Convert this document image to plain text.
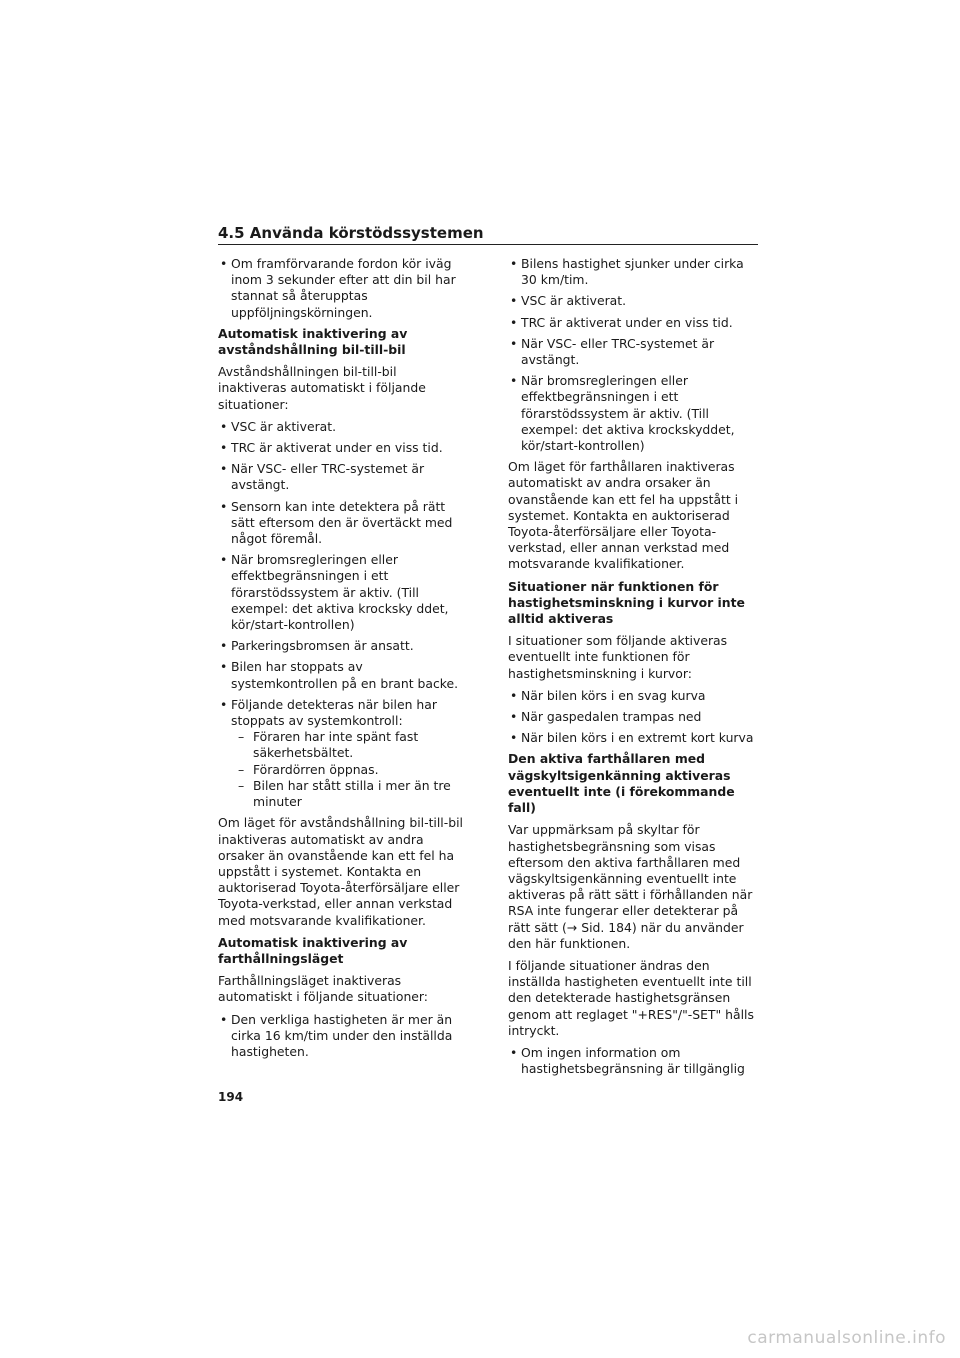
4.5 Använda körstödssystemen
• Om framförvarande fordon kör iväg inom 3 sekunder efter att din bil har stannat så återupptas uppföljningskörningen.

Automatisk inaktivering av avståndshållning bil-till-bil

Avståndshållningen bil-till-bil inaktiveras automatiskt i följande situationer:

• VSC är aktiverat.
• TRC är aktiverat under en viss tid.
• När VSC- eller TRC-systemet är avstängt.
• Sensorn kan inte detektera på rätt sätt eftersom den är övertäckt med något föremål.
• När bromsregleringen eller effektbegränsningen i ett förarstödssystem är aktiv. (Till exempel: det aktiva krocksky ddet, kör/start-kontrollen)
• Parkeringsbromsen är ansatt.
• Bilen har stoppats av systemkontrollen på en brant backe.
• Följande detekteras när bilen har stoppats av systemkontroll:
– Föraren har inte spänt fast säkerhetsbältet.
– Förardörren öppnas.
– Bilen har stått stilla i mer än tre minuter

Om läget för avståndshållning bil-till-bil inaktiveras automatiskt av andra orsaker än ovanstående kan ett fel ha uppstått i systemet. Kontakta en auktoriserad Toyota-återförsäljare eller Toyota-verkstad, eller annan verkstad med motsvarande kvalifikationer.

Automatisk inaktivering av farthållningsläget

Farthållningsläget inaktiveras automatiskt i följande situationer:

• Den verkliga hastigheten är mer än cirka 16 km/tim under den inställda hastigheten.
• Bilens hastighet sjunker under cirka 30 km/tim.
• VSC är aktiverat.
• TRC är aktiverat under en viss tid.
• När VSC- eller TRC-systemet är avstängt.
• När bromsregleringen eller effektbegränsningen i ett förarstödssystem är aktiv. (Till exempel: det aktiva krockskyddet, kör/start-kontrollen)

Om läget för farthållaren inaktiveras automatiskt av andra orsaker än ovanstående kan ett fel ha uppstått i systemet. Kontakta en auktoriserad Toyota-återförsäljare eller Toyota-verkstad, eller annan verkstad med motsvarande kvalifikationer.

Situationer när funktionen för hastighetsminskning i kurvor inte alltid aktiveras

I situationer som följande aktiveras eventuellt inte funktionen för hastighetsminskning i kurvor:

• När bilen körs i en svag kurva
• När gaspedalen trampas ned
• När bilen körs i en extremt kort kurva

Den aktiva farthållaren med vägskyltsigenkänning aktiveras eventuellt inte (i förekommande fall)

Var uppmärksam på skyltar för hastighetsbegränsning som visas eftersom den aktiva farthållaren med vägskyltsigenkänning eventuellt inte aktiveras på rätt sätt i förhållanden när RSA inte fungerar eller detekterar på rätt sätt (→ Sid. 184) när du använder den här funktionen.

I följande situationer ändras den inställda hastigheten eventuellt inte till den detekterade hastighetsgränsen genom att reglaget "+RES"/"-SET" hålls intryckt.

• Om ingen information om hastighetsbegränsning är tillgänglig
194
carmanualsonline.info
